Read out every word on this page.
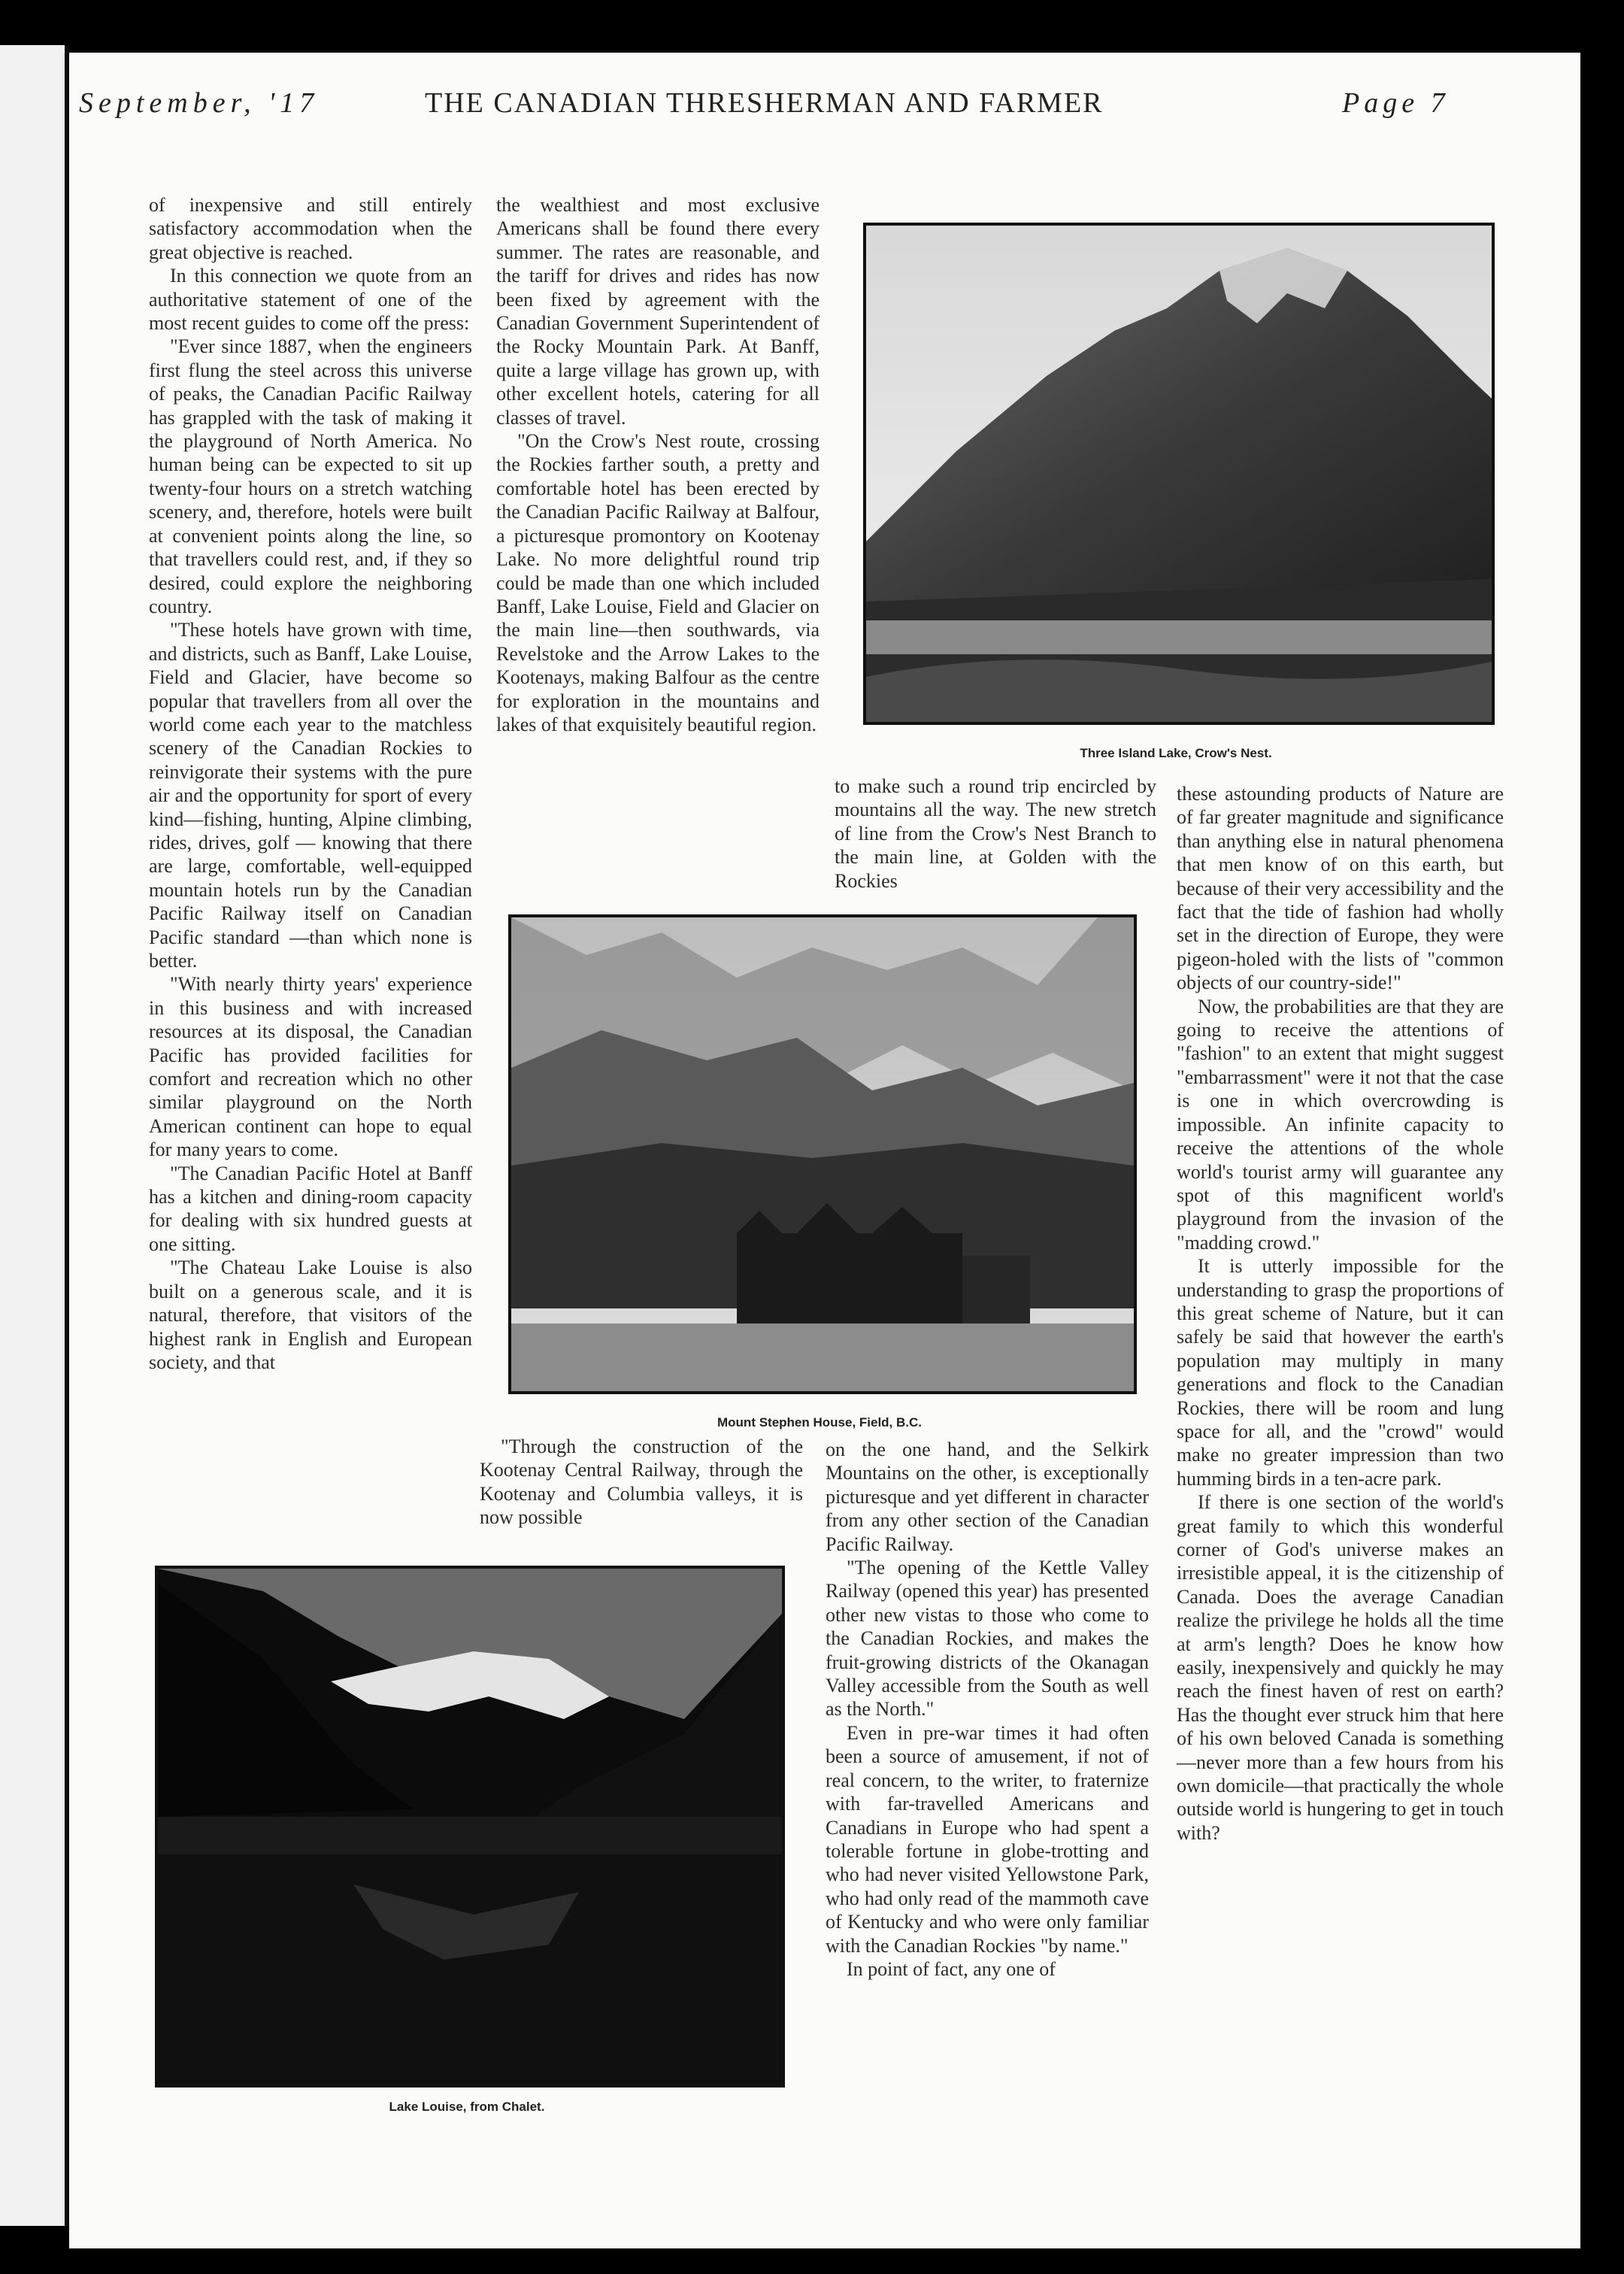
September, '17	THE CANADIAN THRESHERMAN AND FARMER	Page 7

of inexpensive and still entirely satisfactory accommodation when the great objective is reached.

In this connection we quote from an authoritative statement of one of the most recent guides to come off the press:

"Ever since 1887, when the engineers first flung the steel across this universe of peaks, the Canadian Pacific Railway has grappled with the task of making it the playground of North America. No human being can be expected to sit up twenty-four hours on a stretch watching scenery, and, therefore, hotels were built at convenient points along the line, so that travellers could rest, and, if they so desired, could explore the neighboring country.

"These hotels have grown with time, and districts, such as Banff, Lake Louise, Field and Glacier, have become so popular that travellers from all over the world come each year to the matchless scenery of the Canadian Rockies to reinvigorate their systems with the pure air and the opportunity for sport of every kind—fishing, hunting, Alpine climbing, rides, drives, golf — knowing that there are large, comfortable, well-equipped mountain hotels run by the Canadian Pacific Railway itself on Canadian Pacific standard —than which none is better.

"With nearly thirty years' experience in this business and with increased resources at its disposal, the Canadian Pacific has provided facilities for comfort and recreation which no other similar playground on the North American continent can hope to equal for many years to come.

"The Canadian Pacific Hotel at Banff has a kitchen and dining-room capacity for dealing with six hundred guests at one sitting.

"The Chateau Lake Louise is also built on a generous scale, and it is natural, therefore, that visitors of the highest rank in English and European society, and that

the wealthiest and most exclusive Americans shall be found there every summer. The rates are reasonable, and the tariff for drives and rides has now been fixed by agreement with the Canadian Government Superintendent of the Rocky Mountain Park. At Banff, quite a large village has grown up, with other excellent hotels, catering for all classes of travel.

"On the Crow's Nest route, crossing the Rockies farther south, a pretty and comfortable hotel has been erected by the Canadian Pacific Railway at Balfour, a picturesque promontory on Kootenay Lake. No more delightful round trip could be made than one which included Banff, Lake Louise, Field and Glacier on the main line—then southwards, via Revelstoke and the Arrow Lakes to the Kootenays, making Balfour as the centre for exploration in the mountains and lakes of that exquisitely beautiful region.

to make such a round trip encircled by mountains all the way. The new stretch of line from the Crow's Nest Branch to the main line, at Golden with the Rockies

these astounding products of Nature are of far greater magnitude and significance than anything else in natural phenomena that men know of on this earth, but because of their very accessibility and the fact that the tide of fashion had wholly set in the direction of Europe, they were pigeon-holed with the lists of "common objects of our country-side!"

Now, the probabilities are that they are going to receive the attentions of "fashion" to an extent that might suggest "embarrassment" were it not that the case is one in which overcrowding is impossible. An infinite capacity to receive the attentions of the whole world's tourist army will guarantee any spot of this magnificent world's playground from the invasion of the "madding crowd."

It is utterly impossible for the understanding to grasp the proportions of this great scheme of Nature, but it can safely be said that however the earth's population may multiply in many generations and flock to the Canadian Rockies, there will be room and lung space for all, and the "crowd" would make no greater impression than two humming birds in a ten-acre park.

If there is one section of the world's great family to which this wonderful corner of God's universe makes an irresistible appeal, it is the citizenship of Canada. Does the average Canadian realize the privilege he holds all the time at arm's length? Does he know how easily, inexpensively and quickly he may reach the finest haven of rest on earth? Has the thought ever struck him that here of his own beloved Canada is something—never more than a few hours from his own domicile—that practically the whole outside world is hungering to get in touch with?

"Through the construction of the Kootenay Central Railway, through the Kootenay and Columbia valleys, it is now possible

on the one hand, and the Selkirk Mountains on the other, is exceptionally picturesque and yet different in character from any other section of the Canadian Pacific Railway.

"The opening of the Kettle Valley Railway (opened this year) has presented other new vistas to those who come to the Canadian Rockies, and makes the fruit-growing districts of the Okanagan Valley accessible from the South as well as the North."

Even in pre-war times it had often been a source of amusement, if not of real concern, to the writer, to fraternize with far-travelled Americans and Canadians in Europe who had spent a tolerable fortune in globe-trotting and who had never visited Yellowstone Park, who had only read of the mammoth cave of Kentucky and who were only familiar with the Canadian Rockies "by name."

In point of fact, any one of

Three Island Lake, Crow's Nest.
Mount Stephen House, Field, B.C.
Lake Louise, from Chalet.
